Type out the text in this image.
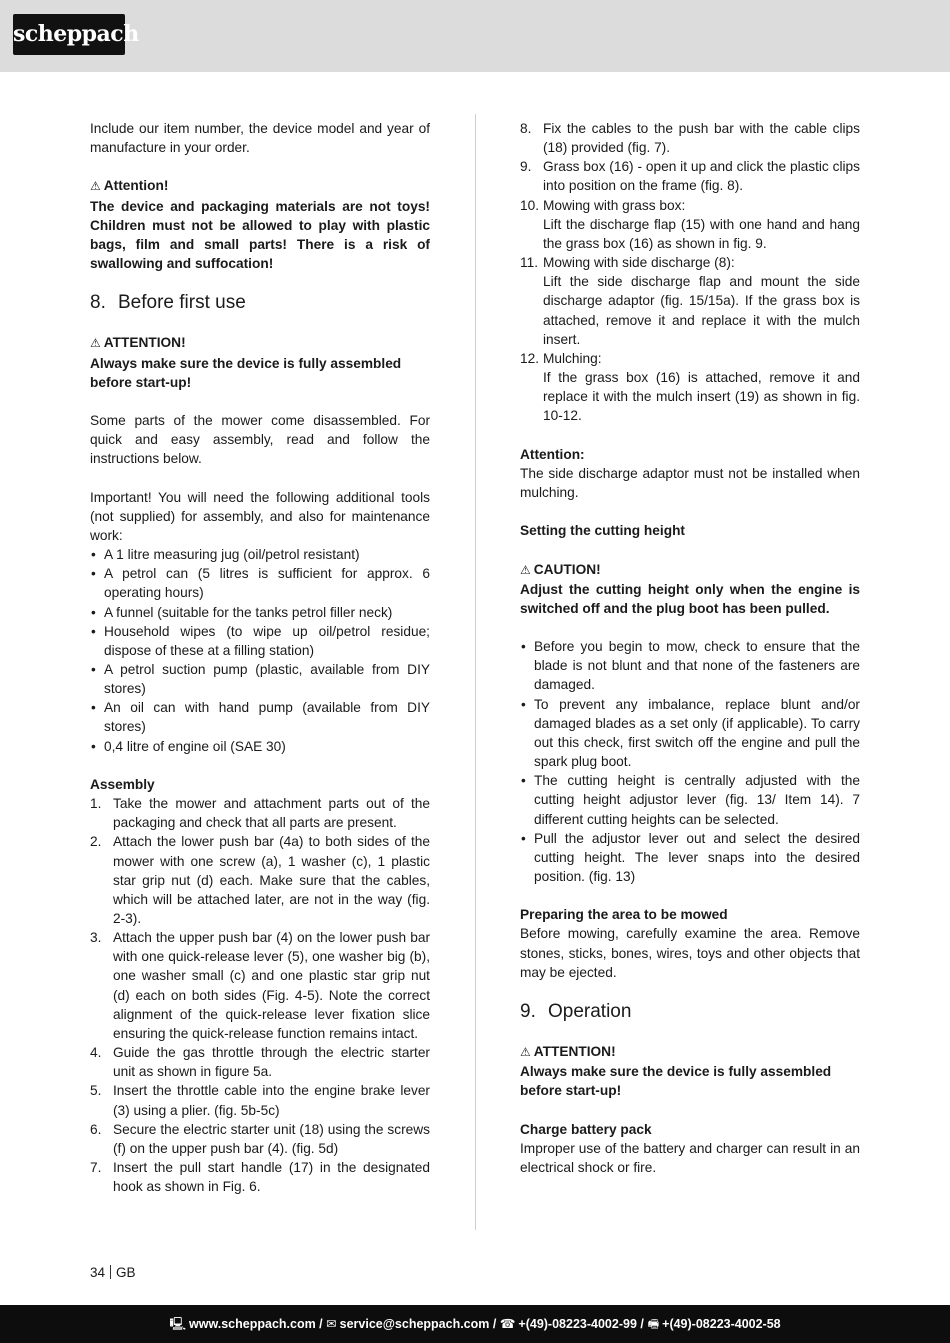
scheppach

Include our item number, the device model and year of manufacture in your order.

⚠ Attention!

The device and packaging materials are not toys! Children must not be allowed to play with plastic bags, film and small parts! There is a risk of swallowing and suffocation!

8. Before first use

⚠ ATTENTION!

Always make sure the device is fully assembled before start-up!

Some parts of the mower come disassembled. For quick and easy assembly, read and follow the instructions below.

Important! You will need the following additional tools (not supplied) for assembly, and also for maintenance work:

• A 1 litre measuring jug (oil/petrol resistant)
• A petrol can (5 litres is sufficient for approx. 6 operating hours)
• A funnel (suitable for the tanks petrol filler neck)
• Household wipes (to wipe up oil/petrol residue; dispose of these at a filling station)
• A petrol suction pump (plastic, available from DIY stores)
• An oil can with hand pump (available from DIY stores)
• 0,4 litre of engine oil (SAE 30)

Assembly

1. Take the mower and attachment parts out of the packaging and check that all parts are present.
2. Attach the lower push bar (4a) to both sides of the mower with one screw (a), 1 washer (c), 1 plastic star grip nut (d) each. Make sure that the cables, which will be attached later, are not in the way (fig. 2-3).
3. Attach the upper push bar (4) on the lower push bar with one quick-release lever (5), one washer big (b), one washer small (c) and one plastic star grip nut (d) each on both sides (Fig. 4-5). Note the correct alignment of the quick-release lever fixation slice ensuring the quick-release function remains intact.
4. Guide the gas throttle through the electric starter unit as shown in figure 5a.
5. Insert the throttle cable into the engine brake lever (3) using a plier. (fig. 5b-5c)
6. Secure the electric starter unit (18) using the screws (f) on the upper push bar (4). (fig. 5d)
7. Insert the pull start handle (17) in the designated hook as shown in Fig. 6.
8. Fix the cables to the push bar with the cable clips (18) provided (fig. 7).
9. Grass box (16) - open it up and click the plastic clips into position on the frame (fig. 8).
10. Mowing with grass box:
Lift the discharge flap (15) with one hand and hang the grass box (16) as shown in fig. 9.
11. Mowing with side discharge (8):
Lift the side discharge flap and mount the side discharge adaptor (fig. 15/15a). If the grass box is attached, remove it and replace it with the mulch insert.
12. Mulching:
If the grass box (16) is attached, remove it and replace it with the mulch insert (19) as shown in fig. 10-12.

Attention:

The side discharge adaptor must not be installed when mulching.

Setting the cutting height

⚠ CAUTION!

Adjust the cutting height only when the engine is switched off and the plug boot has been pulled.

• Before you begin to mow, check to ensure that the blade is not blunt and that none of the fasteners are damaged.
• To prevent any imbalance, replace blunt and/or damaged blades as a set only (if applicable). To carry out this check, first switch off the engine and pull the spark plug boot.
• The cutting height is centrally adjusted with the cutting height adjustor lever (fig. 13/ Item 14). 7 different cutting heights can be selected.
• Pull the adjustor lever out and select the desired cutting height. The lever snaps into the desired position. (fig. 13)

Preparing the area to be mowed

Before mowing, carefully examine the area. Remove stones, sticks, bones, wires, toys and other objects that may be ejected.

9. Operation

⚠ ATTENTION!

Always make sure the device is fully assembled before start-up!

Charge battery pack

Improper use of the battery and charger can result in an electrical shock or fire.

34 GB
🖳 www.scheppach.com / ✉ service@scheppach.com / ☎ +(49)-08223-4002-99 / 🖷 +(49)-08223-4002-58
